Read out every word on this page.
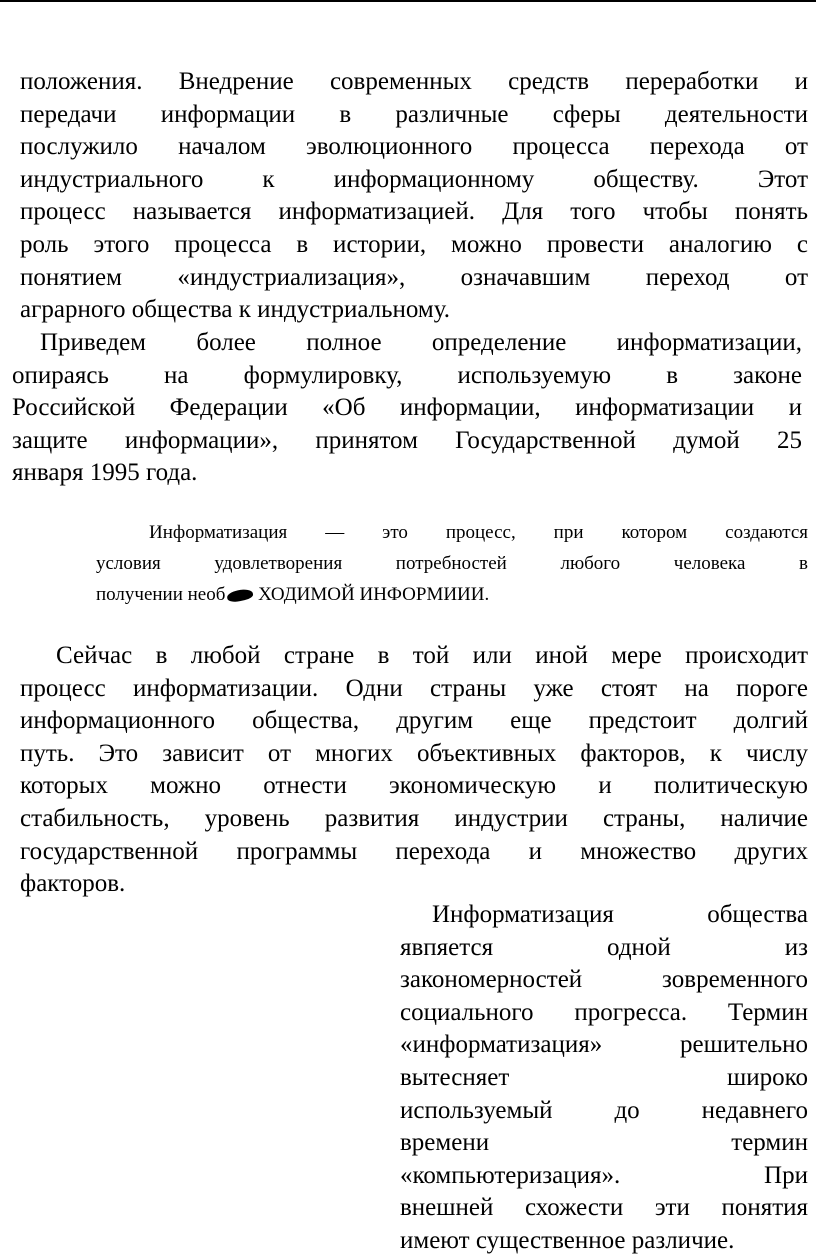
положения. Внедрение современных средств переработки и
передачи информации в различные сферы деятельности
послужило началом эволюционного процесса перехода от
индустриального к информационному обществу. Этот
процесс называется информатизацией. Для того чтобы понять
роль этого процесса в истории, можно провести аналогию с
понятием «индустриализация», означавшим переход от
аграрного общества к индустриальному.
Приведем более полное определение информатизации,
опираясь на формулировку, используемую в законе
Российской Федерации «Об информации, информатизации и
защите информации», принятом Государственной думой 25
января 1995 года.
Информатизация — это процесс, при котором создаются
условия удовлетворения потребностей любого человека в
получении необ ХОДИМОЙ ИНФОРМИИИ.
Сейчас в любой стране в той или иной мере происходит
процесс информатизации. Одни страны уже стоят на пороге
информационного общества, другим еще предстоит долгий
путь. Это зависит от многих объективных факторов, к числу
которых можно отнести экономическую и политическую
стабильность, уровень развития индустрии страны, наличие
государственной программы перехода и множество других
факторов.
Информатизация общества
явпяется одной из
закономерностей зовременного
социального прогресса. Термин
«информатизация» решительно
вытесняет широко
используемый до недавнего
времени термин
«компьютеризация». При
внешней схожести эти понятия
имеют существенное различие.
